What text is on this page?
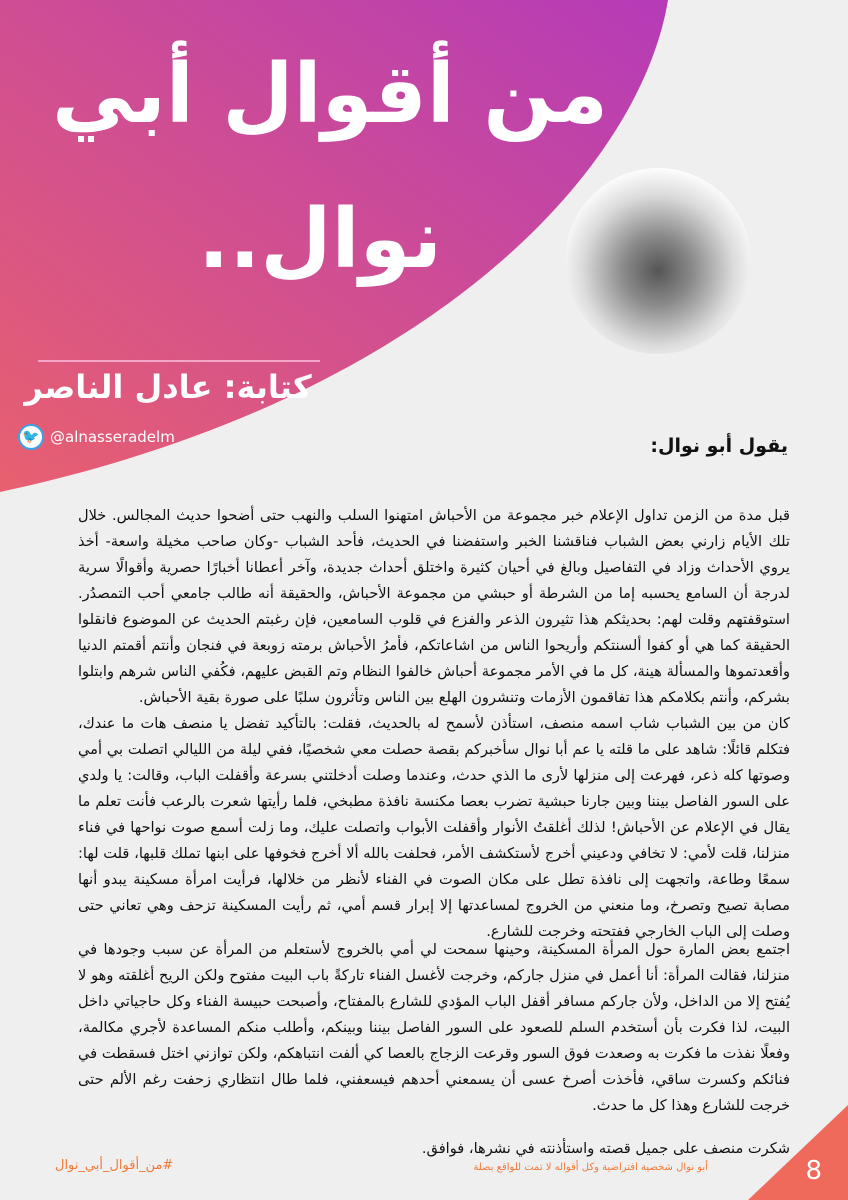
من أقوال أبي
نوال..
كتابة: عادل الناصر
🐦 @alnasseradelm	يقول أبو نوال:

قبل مدة من الزمن تداول الإعلام خبر مجموعة من الأحباش امتهنوا السلب والنهب حتى أضحوا حديث المجالس. خلال تلك الأيام زارني بعض الشباب فناقشنا الخبر واستفضنا في الحديث، فأحد الشباب -وكان صاحب مخيلة واسعة- أخذ يروي الأحداث وزاد في التفاصيل وبالغ في أحيان كثيرة واختلق أحداث جديدة، وآخر أعطانا أخبارًا حصرية وأقوالًا سرية لدرجة أن السامع يحسبه إما من الشرطة أو حبشي من مجموعة الأحباش، والحقيقة أنه طالب جامعي أحب التمصدُر. استوقفتهم وقلت لهم: بحديثكم هذا تثيرون الذعر والفزع في قلوب السامعين، فإن رغبتم الحديث عن الموضوع فانقلوا الحقيقة كما هي أو كفوا ألسنتكم وأريحوا الناس من اشاعاتكم، فأمرُ الأحباش برمته زوبعة في فنجان وأنتم أقمتم الدنيا وأقعدتموها والمسألة هينة، كل ما في الأمر مجموعة أحباش خالفوا النظام وتم القبض عليهم، فكُفي الناس شرهم وابتلوا بشركم، وأنتم بكلامكم هذا تفاقمون الأزمات وتنشرون الهلع بين الناس وتأثرون سلبًا على صورة بقية الأحباش.

كان من بين الشباب شاب اسمه منصف، استأذن لأسمح له بالحديث، فقلت: بالتأكيد تفضل يا منصف هات ما عندك، فتكلم قائلًا: شاهد على ما قلته يا عم أبا نوال سأخبركم بقصة حصلت معي شخصيًا، ففي ليلة من الليالي اتصلت بي أمي وصوتها كله ذعر، فهرعت إلى منزلها لأرى ما الذي حدث، وعندما وصلت أدخلتني بسرعة وأقفلت الباب، وقالت: يا ولدي على السور الفاصل بيننا وبين جارنا حبشية تضرب بعصا مكنسة نافذة مطبخي، فلما رأيتها شعرت بالرعب فأنت تعلم ما يقال في الإعلام عن الأحباش! لذلك أغلقتُ الأنوار وأقفلت الأبواب واتصلت عليك، وما زلت أسمع صوت نواحها في فناء منزلنا، قلت لأمي: لا تخافي ودعيني أخرج لأستكشف الأمر، فحلفت بالله ألا أخرج فخوفها على ابنها تملك قلبها، قلت لها: سمعًا وطاعة، واتجهت إلى نافذة تطل على مكان الصوت في الفناء لأنظر من خلالها، فرأيت امرأة مسكينة يبدو أنها مصابة تصيح وتصرخ، وما منعني من الخروج لمساعدتها إلا إبرار قسم أمي، ثم رأيت المسكينة تزحف وهي تعاني حتى وصلت إلى الباب الخارجي ففتحته وخرجت للشارع.

اجتمع بعض المارة حول المرأة المسكينة، وحينها سمحت لي أمي بالخروج لأستعلم من المرأة عن سبب وجودها في منزلنا، فقالت المرأة: أنا أعمل في منزل جاركم، وخرجت لأغسل الفناء تاركةً باب البيت مفتوح ولكن الريح أغلقته وهو لا يُفتح إلا من الداخل، ولأن جاركم مسافر أقفل الباب المؤدي للشارع بالمفتاح، وأصبحت حبيسة الفناء وكل حاجياتي داخل البيت، لذا فكرت بأن أستخدم السلم للصعود على السور الفاصل بيننا وبينكم، وأطلب منكم المساعدة لأجري مكالمة، وفعلًا نفذت ما فكرت به وصعدت فوق السور وقرعت الزجاج بالعصا كي ألفت انتباهكم، ولكن توازني اختل فسقطت في فنائكم وكسرت ساقي، فأخذت أصرخ عسى أن يسمعني أحدهم فيسعفني، فلما طال انتظاري زحفت رغم الألم حتى خرجت للشارع وهذا كل ما حدث.

شكرت منصف على جميل قصته واستأذنته في نشرها، فوافق.

8
أبو نوال شخصية افتراضية وكل أقواله لا تمت للواقع بصلة
#من_أقوال_أبي_نوال
